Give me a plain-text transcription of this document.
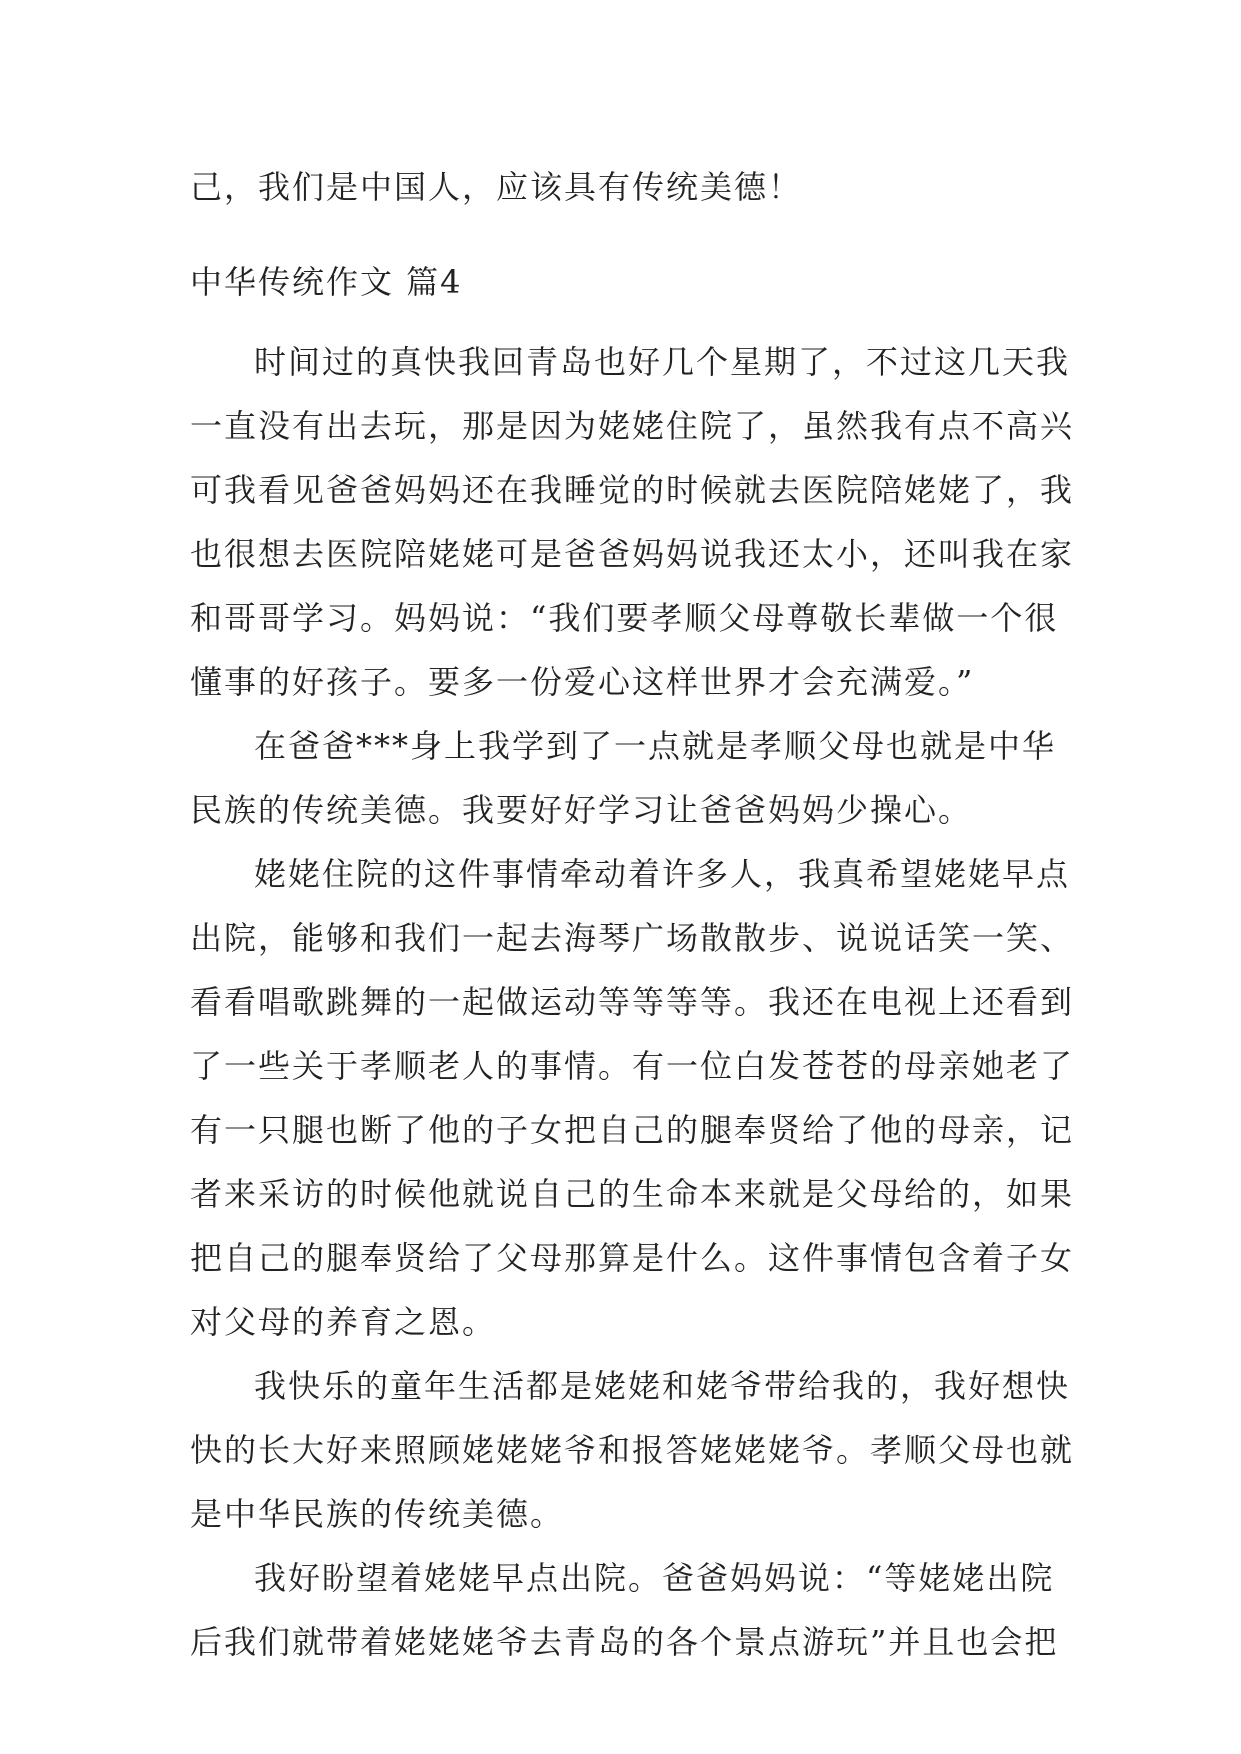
己，我们是中国人，应该具有传统美德！
中华传统作文 篇4
时间过的真快我回青岛也好几个星期了，不过这几天我
一直没有出去玩，那是因为姥姥住院了，虽然我有点不高兴
可我看见爸爸妈妈还在我睡觉的时候就去医院陪姥姥了，我
也很想去医院陪姥姥可是爸爸妈妈说我还太小，还叫我在家
和哥哥学习。妈妈说：“我们要孝顺父母尊敬长辈做一个很
懂事的好孩子。要多一份爱心这样世界才会充满爱。”
在爸爸***身上我学到了一点就是孝顺父母也就是中华
民族的传统美德。我要好好学习让爸爸妈妈少操心。
姥姥住院的这件事情牵动着许多人，我真希望姥姥早点
出院，能够和我们一起去海琴广场散散步、说说话笑一笑、
看看唱歌跳舞的一起做运动等等等等。我还在电视上还看到
了一些关于孝顺老人的事情。有一位白发苍苍的母亲她老了
有一只腿也断了他的子女把自己的腿奉贤给了他的母亲，记
者来采访的时候他就说自己的生命本来就是父母给的，如果
把自己的腿奉贤给了父母那算是什么。这件事情包含着子女
对父母的养育之恩。
我快乐的童年生活都是姥姥和姥爷带给我的，我好想快
快的长大好来照顾姥姥姥爷和报答姥姥姥爷。孝顺父母也就
是中华民族的传统美德。
我好盼望着姥姥早点出院。爸爸妈妈说：“等姥姥出院
后我们就带着姥姥姥爷去青岛的各个景点游玩”并且也会把
